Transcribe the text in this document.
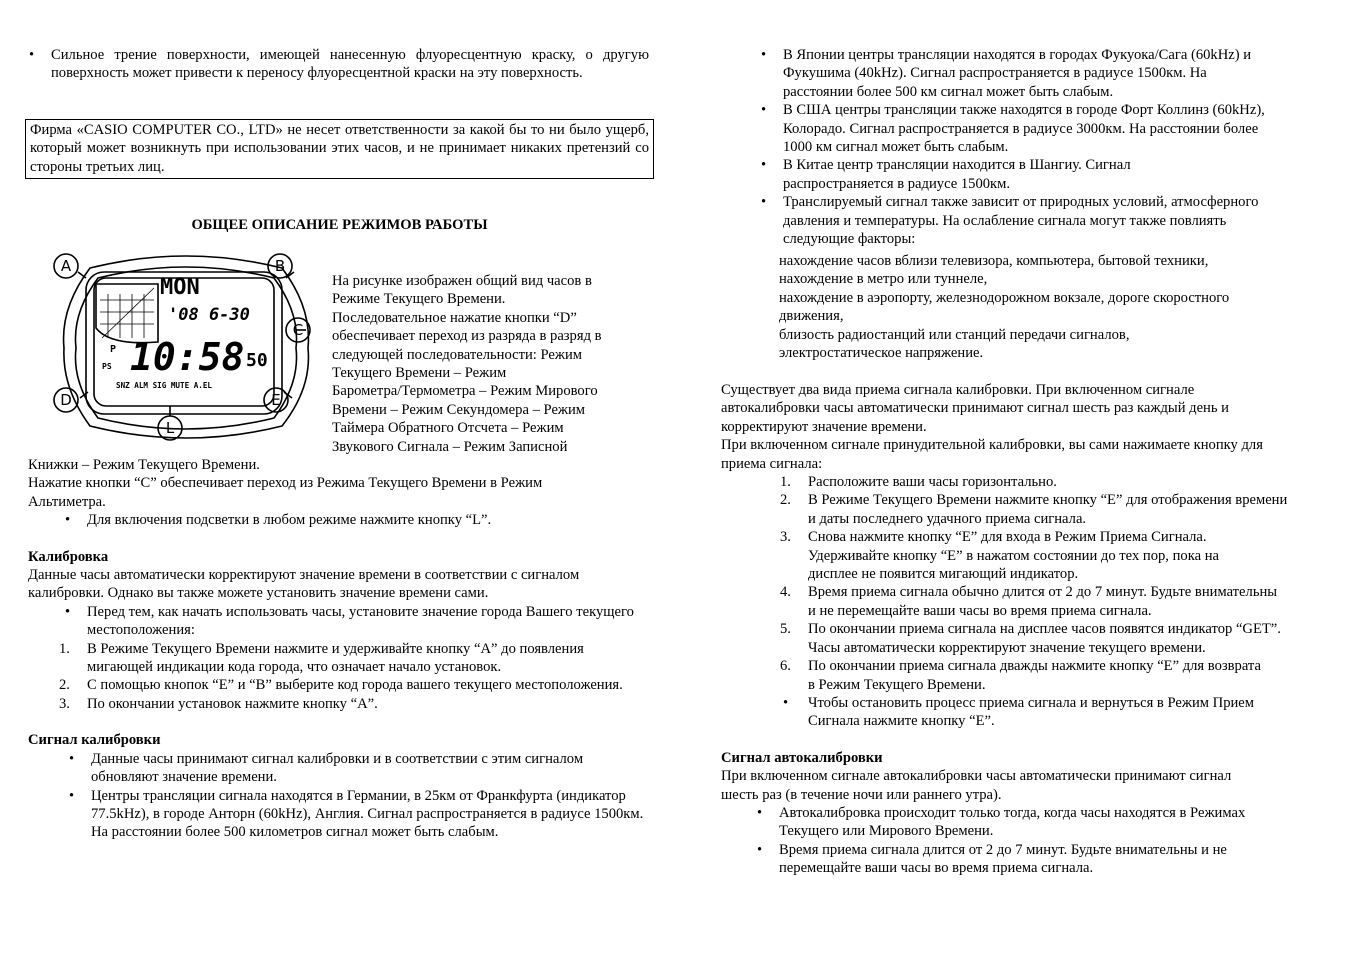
• Сильное трение поверхности, имеющей нанесенную флуоресцентную краску, о другую поверхность может привести к переносу флуоресцентной краски на эту поверхность.
Фирма «CASIO COMPUTER CO., LTD» не несет ответственности за какой бы то ни было ущерб, который может возникнуть при использовании этих часов, и не принимает никаких претензий со стороны третьих лиц.
ОБЩЕЕ ОПИСАНИЕ РЕЖИМОВ РАБОТЫ
A	B
C
D	E
L
MON
'08 6-30
P
PS 10:58 50
SNZ ALM SIG MUTE A.EL

На рисунке изображен общий вид часов в

Режиме Текущего Времени.

Последовательное нажатие кнопки “D”

обеспечивает переход из разряда в разряд в

следующей последовательности: Режим

Текущего Времени – Режим

Барометра/Термометра – Режим Мирового

Времени – Режим Секундомера – Режим

Таймера Обратного Отсчета – Режим

Звукового Сигнала – Режим Записной

Книжки – Режим Текущего Времени.

Нажатие кнопки “C” обеспечивает переход из Режима Текущего Времени в Режим

Альтиметра.

• Для включения подсветки в любом режиме нажмите кнопку “L”.

Калибровка

Данные часы автоматически корректируют значение времени в соответствии с сигналом

калибровки. Однако вы также можете установить значение времени сами.

• Перед тем, как начать использовать часы, установите значение города Вашего текущего местоположения:
1. В Режиме Текущего Времени нажмите и удерживайте кнопку “A” до появления мигающей индикации кода города, что означает начало установок.
2. С помощью кнопок “E” и “B” выберите код города вашего текущего местоположения.
3. По окончании установок нажмите кнопку “A”.

Сигнал калибровки

• Данные часы принимают сигнал калибровки и в соответствии с этим сигналом обновляют значение времени.
• Центры трансляции сигнала находятся в Германии, в 25км от Франкфурта (индикатор 77.5kHz), в городе Анторн (60kHz), Англия. Сигнал распространяется в радиусе 1500км. На расстоянии более 500 километров сигнал может быть слабым.
• В Японии центры трансляции находятся в городах Фукуока/Сага (60kHz) и Фукушима (40kHz). Сигнал распространяется в радиусе 1500км. На расстоянии более 500 км сигнал может быть слабым.
• В США центры трансляции также находятся в городе Форт Коллинз (60kHz), Колорадо. Сигнал распространяется в радиусе 3000км. На расстоянии более 1000 км сигнал может быть слабым.
• В Китае центр трансляции находится в Шангиу. Сигнал распространяется в радиусе 1500км.
• Транслируемый сигнал также зависит от природных условий, атмосферного давления и температуры. На ослабление сигнала могут также повлиять следующие факторы:

нахождение часов вблизи телевизора, компьютера, бытовой техники,

нахождение в метро или туннеле,

нахождение в аэропорту, железнодорожном вокзале, дороге скоростного движения,

близость радиостанций или станций передачи сигналов,

электростатическое напряжение.

Существует два вида приема сигнала калибровки. При включенном сигнале автокалибровки часы автоматически принимают сигнал шесть раз каждый день и корректируют значение времени.

При включенном сигнале принудительной калибровки, вы сами нажимаете кнопку для приема сигнала:

1. Расположите ваши часы горизонтально.
2. В Режиме Текущего Времени нажмите кнопку “E” для отображения времени и даты последнего удачного приема сигнала.
3. Снова нажмите кнопку “E” для входа в Режим Приема Сигнала. Удерживайте кнопку “E” в нажатом состоянии до тех пор, пока на дисплее не появится мигающий индикатор.
4. Время приема сигнала обычно длится от 2 до 7 минут. Будьте внимательны и не перемещайте ваши часы во время приема сигнала.
5. По окончании приема сигнала на дисплее часов появятся индикатор “GET”. Часы автоматически корректируют значение текущего времени.
6. По окончании приема сигнала дважды нажмите кнопку “E” для возврата в Режим Текущего Времени.
• Чтобы остановить процесс приема сигнала и вернуться в Режим Прием Сигнала нажмите кнопку “E”.

Сигнал автокалибровки

При включенном сигнале автокалибровки часы автоматически принимают сигнал шесть раз (в течение ночи или раннего утра).

• Автокалибровка происходит только тогда, когда часы находятся в Режимах Текущего или Мирового Времени.
• Время приема сигнала длится от 2 до 7 минут. Будьте внимательны и не перемещайте ваши часы во время приема сигнала.
